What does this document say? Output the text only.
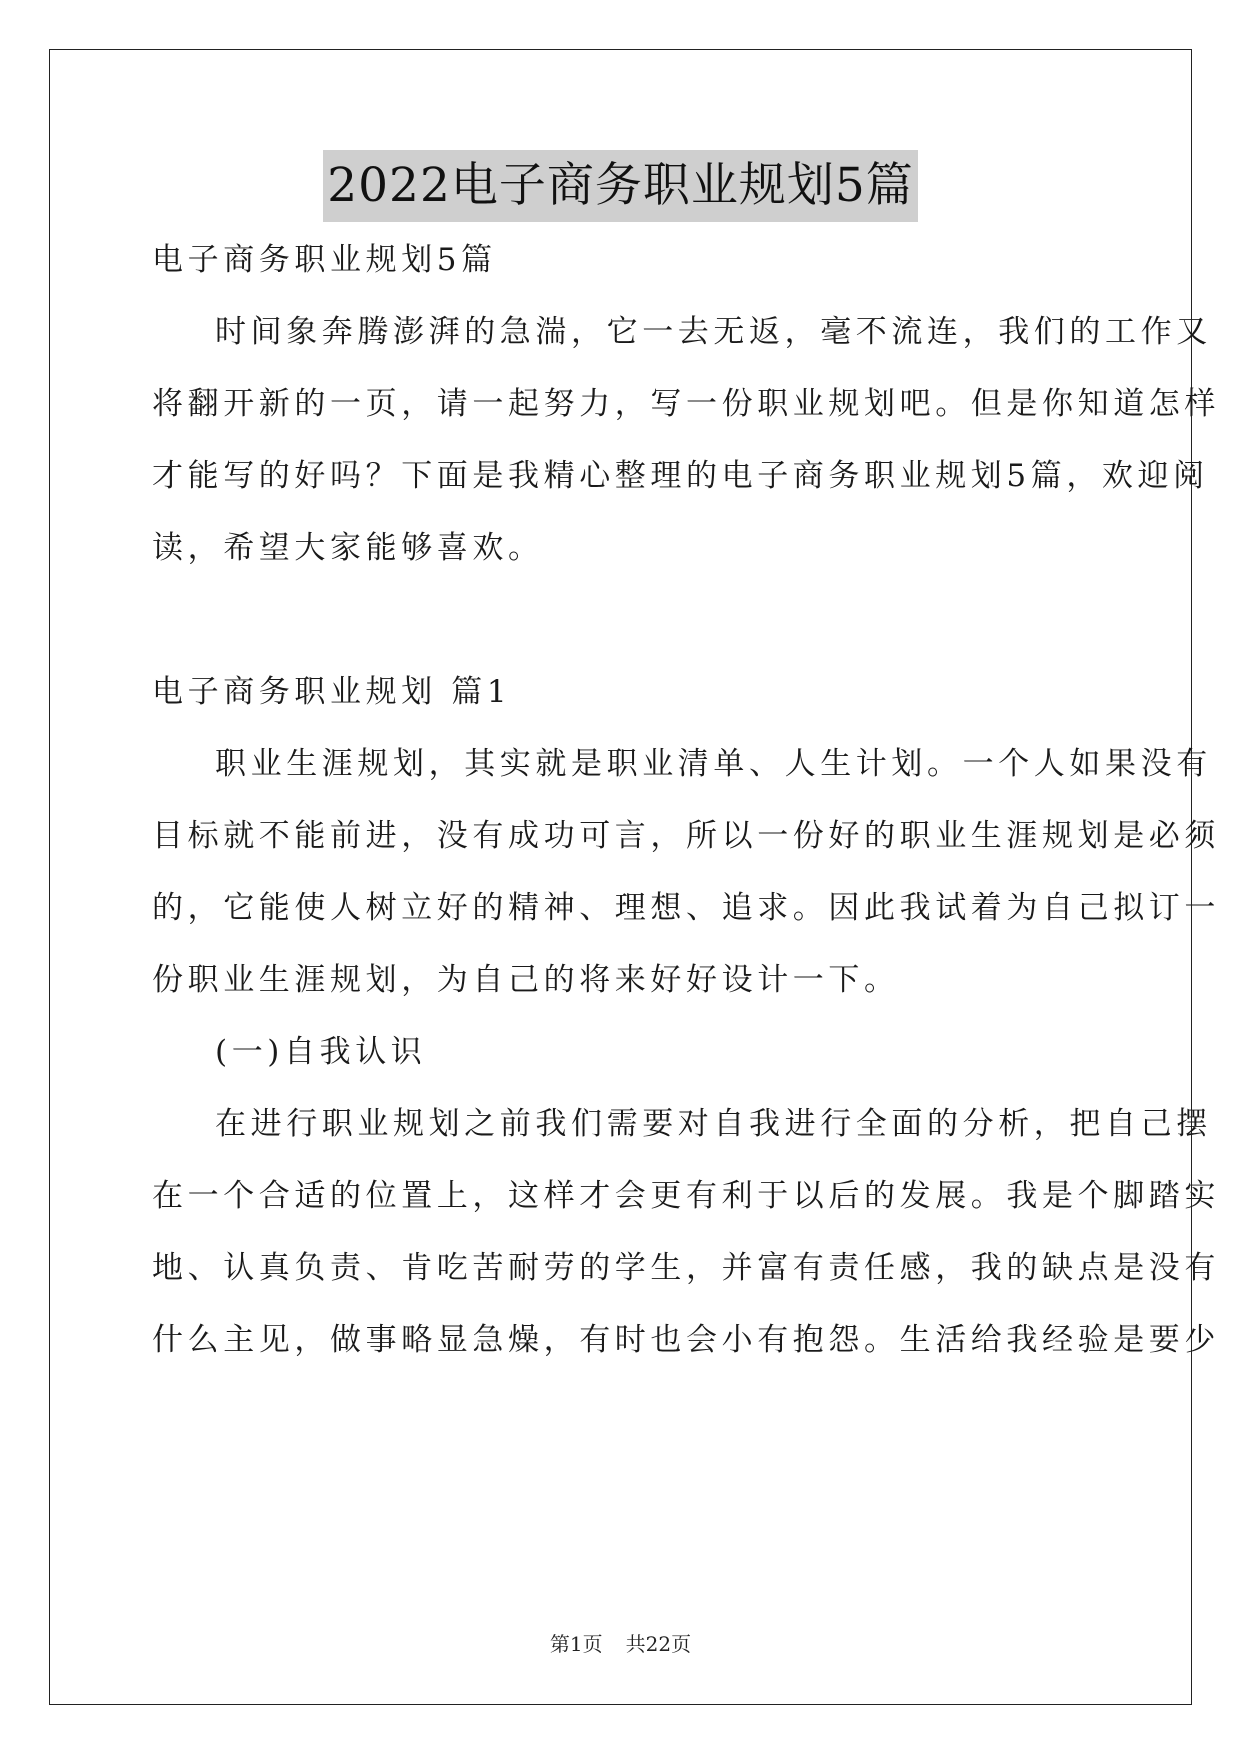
2022电子商务职业规划5篇
电子商务职业规划5篇
时间象奔腾澎湃的急湍，它一去无返，毫不流连，我们的工作又
将翻开新的一页，请一起努力，写一份职业规划吧。但是你知道怎样
才能写的好吗？下面是我精心整理的电子商务职业规划5篇，欢迎阅
读，希望大家能够喜欢。
电子商务职业规划 篇1
职业生涯规划，其实就是职业清单、人生计划。一个人如果没有
目标就不能前进，没有成功可言，所以一份好的职业生涯规划是必须
的，它能使人树立好的精神、理想、追求。因此我试着为自己拟订一
份职业生涯规划，为自己的将来好好设计一下。
(一)自我认识
在进行职业规划之前我们需要对自我进行全面的分析，把自己摆
在一个合适的位置上，这样才会更有利于以后的发展。我是个脚踏实
地、认真负责、肯吃苦耐劳的学生，并富有责任感，我的缺点是没有
什么主见，做事略显急燥，有时也会小有抱怨。生活给我经验是要少
第1页 共22页
